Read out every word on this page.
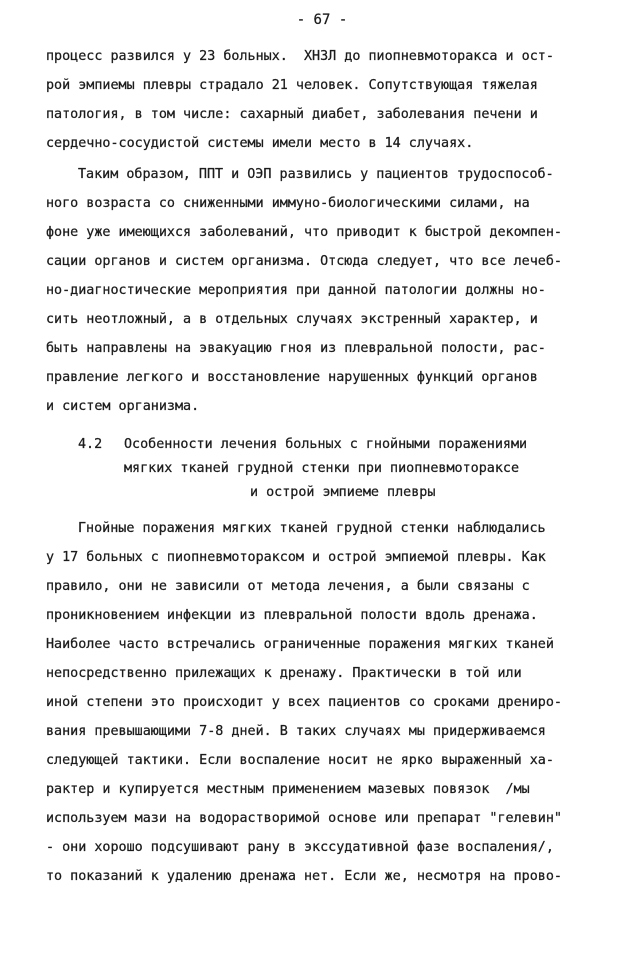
- 67 -
процесс развился у 23 больных.  ХНЗЛ до пиопневмоторакса и ост-
рой эмпиемы плевры страдало 21 человек. Сопутствующая тяжелая
патология, в том числе: сахарный диабет, заболевания печени и
сердечно-сосудистой системы имели место в 14 случаях.
Таким образом, ППТ и ОЭП развились у пациентов трудоспособ-
ного возраста со сниженными иммуно-биологическими силами, на
фоне уже имеющихся заболеваний, что приводит к быстрой декомпен-
сации органов и систем организма. Отсюда следует, что все лечеб-
но-диагностические мероприятия при данной патологии должны но-
сить неотложный, а в отдельных случаях экстренный характер, и
быть направлены на эвакуацию гноя из плевральной полости, рас-
правление легкого и восстановление нарушенных функций органов
и систем организма.
4.2 Особенности лечения больных с гнойными поражениями
мягких тканей грудной стенки при пиопневмотораксе
и острой эмпиеме плевры
Гнойные поражения мягких тканей грудной стенки наблюдались
у 17 больных с пиопневмотораксом и острой эмпиемой плевры. Как
правило, они не зависили от метода лечения, а были связаны с
проникновением инфекции из плевральной полости вдоль дренажа.
Наиболее часто встречались ограниченные поражения мягких тканей
непосредственно прилежащих к дренажу. Практически в той или
иной степени это происходит у всех пациентов со сроками дренирo-
вания превышающими 7-8 дней. В таких случаях мы придерживаемся
следующей тактики. Если воспаление носит не ярко выраженный ха-
рактер и купируется местным применением мазевых повязок  /мы
используем мази на водорастворимой основе или препарат "гелевин"
- они хорошо подсушивают рану в экссудативной фазе воспаления/,
то показаний к удалению дренажа нет. Если же, несмотря на прово-
